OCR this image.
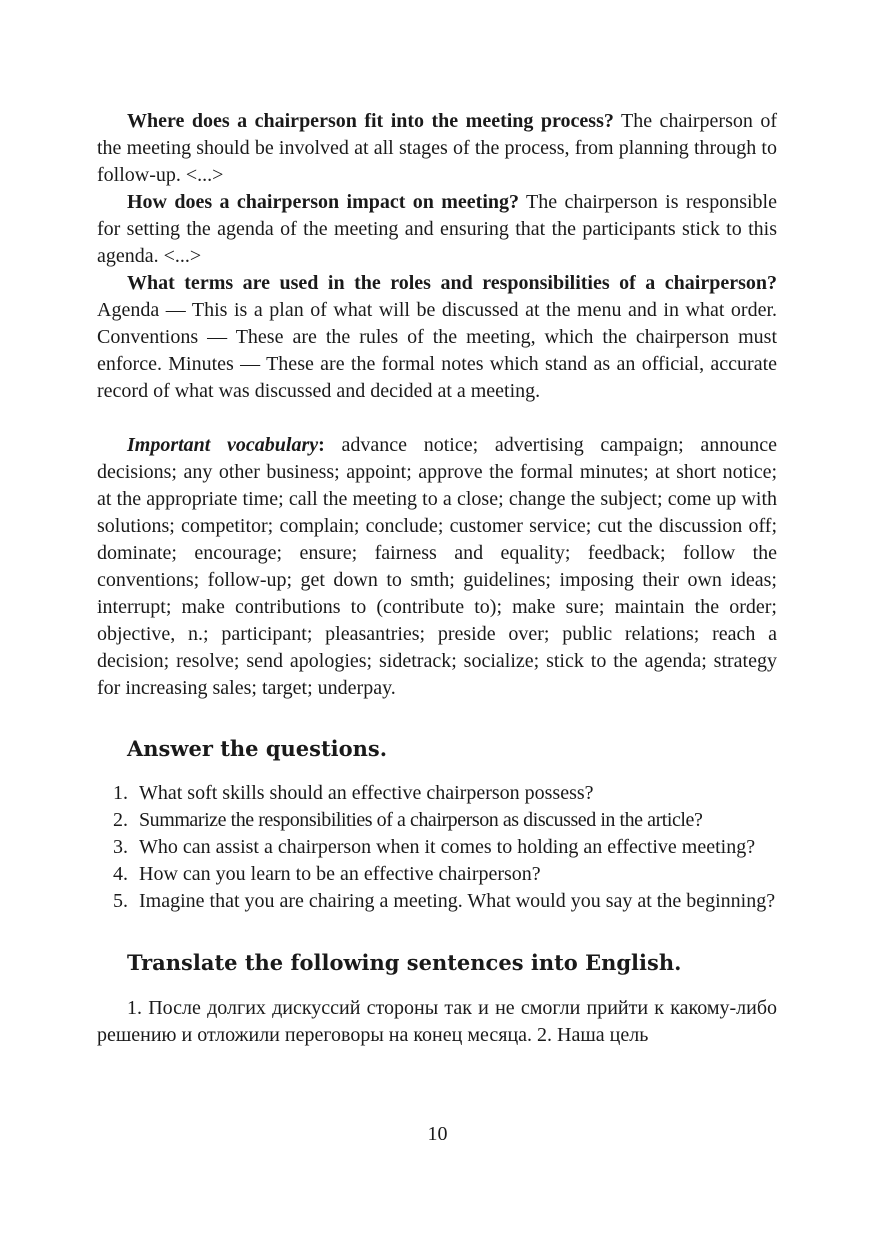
Where does a chairperson fit into the meeting process? The chairperson of the meeting should be involved at all stages of the process, from planning through to follow-up. <...>

How does a chairperson impact on meeting? The chairperson is responsible for setting the agenda of the meeting and ensuring that the participants stick to this agenda. <...>

What terms are used in the roles and responsibilities of a chairperson? Agenda — This is a plan of what will be discussed at the menu and in what order. Conventions — These are the rules of the meeting, which the chairperson must enforce. Minutes — These are the formal notes which stand as an official, accurate record of what was discussed and decided at a meeting.

Important vocabulary: advance notice; advertising campaign; announce decisions; any other business; appoint; approve the formal minutes; at short notice; at the appropriate time; call the meeting to a close; change the subject; come up with solutions; competitor; complain; conclude; customer service; cut the discussion off; dominate; encourage; ensure; fairness and equality; feedback; follow the conventions; follow-up; get down to smth; guidelines; imposing their own ideas; interrupt; make contributions to (contribute to); make sure; maintain the order; objective, n.; participant; pleasantries; preside over; public relations; reach a decision; resolve; send apologies; sidetrack; socialize; stick to the agenda; strategy for increasing sales; target; underpay.

Answer the questions.
1. What soft skills should an effective chairperson possess?
2. Summarize the responsibilities of a chairperson as discussed in the article?
3. Who can assist a chairperson when it comes to holding an effective meeting?
4. How can you learn to be an effective chairperson?
5. Imagine that you are chairing a meeting. What would you say at the beginning?
Translate the following sentences into English.

1. После долгих дискуссий стороны так и не смогли прийти к какому-либо решению и отложили переговоры на конец месяца. 2. Наша цель

10
